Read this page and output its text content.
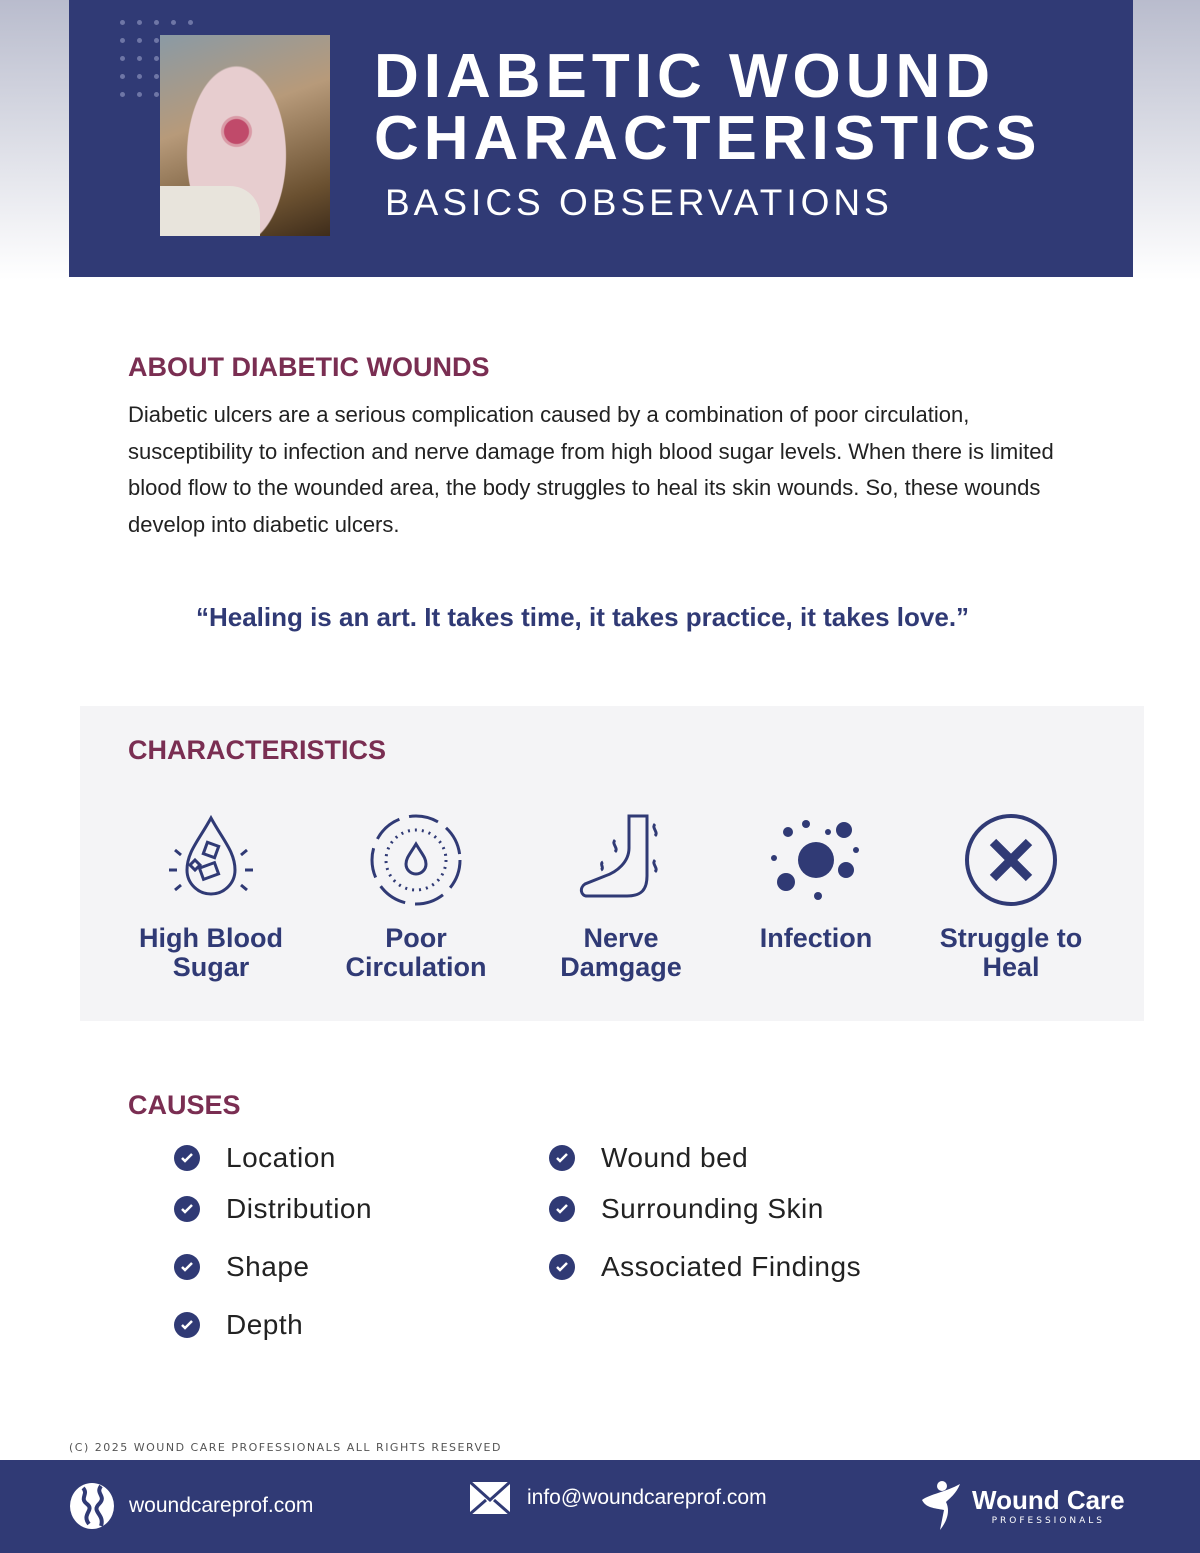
DIABETIC WOUND
CHARACTERISTICS
BASICS OBSERVATIONS
ABOUT DIABETIC WOUNDS

Diabetic ulcers are a serious complication caused by a combination of poor circulation, susceptibility to infection and nerve damage from high blood sugar levels. When there is limited blood flow to the wounded area, the body struggles to heal its skin wounds. So, these wounds develop into diabetic ulcers.

“Healing is an art. It takes time, it takes practice, it takes love.”
CHARACTERISTICS
High Blood
Sugar
Poor
Circulation
Nerve
Damgage
Infection	Struggle to
Heal
CAUSES
Location
Distribution
Shape
Depth
Wound bed
Surrounding Skin
Associated Findings
(C) 2025 WOUND CARE PROFESSIONALS ALL RIGHTS RESERVED
woundcareprof.com	info@woundcareprof.com	Wound Care
PROFESSIONALS
